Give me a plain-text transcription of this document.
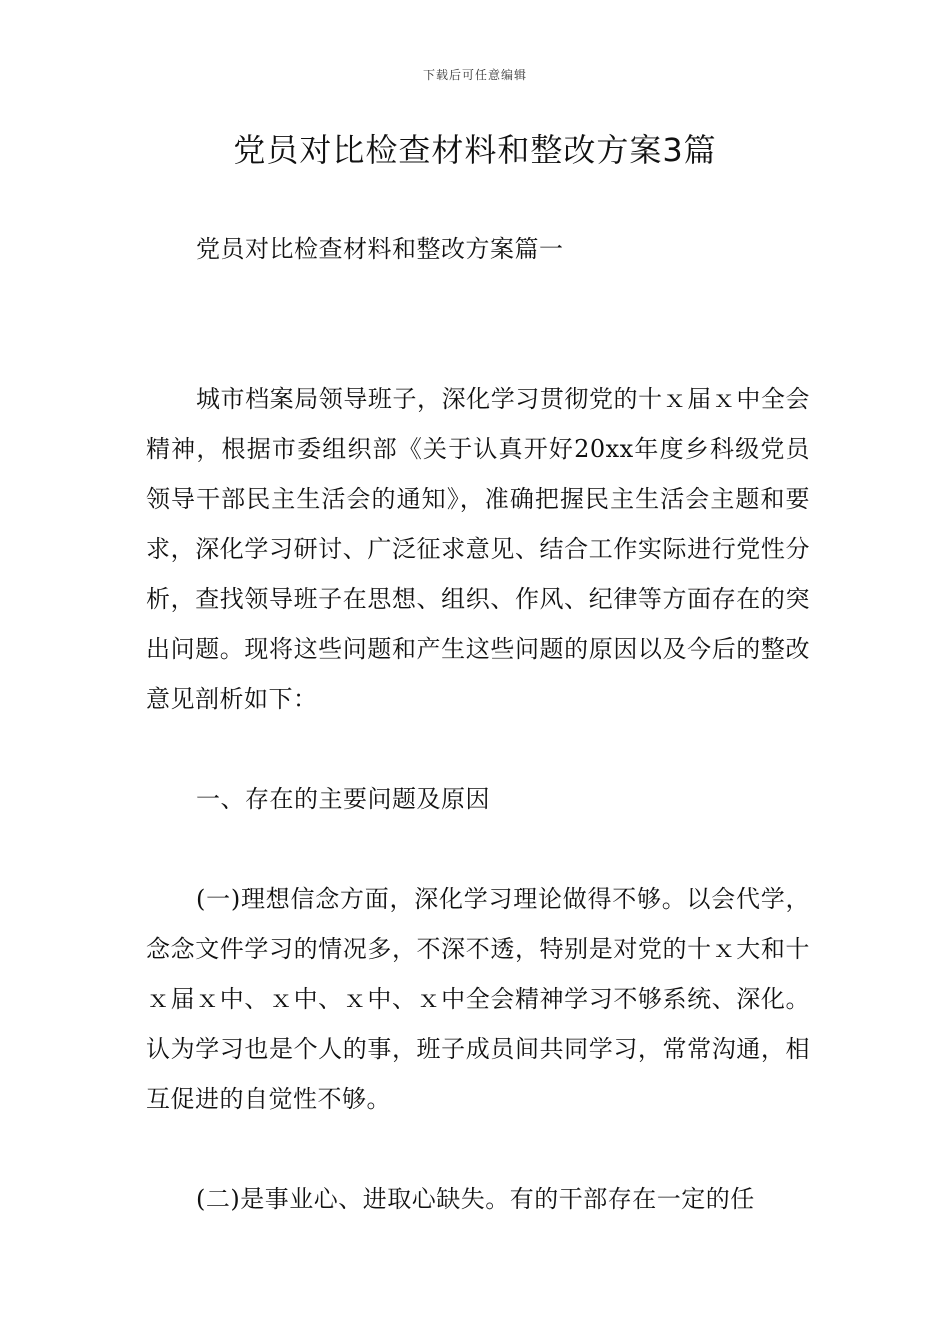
下载后可任意编辑
党员对比检查材料和整改方案3篇

党员对比检查材料和整改方案篇一

城市档案局领导班子，深化学习贯彻党的十ｘ届ｘ中全会精神，根据市委组织部《关于认真开好20xx年度乡科级党员领导干部民主生活会的通知》，准确把握民主生活会主题和要求，深化学习研讨、广泛征求意见、结合工作实际进行党性分析，查找领导班子在思想、组织、作风、纪律等方面存在的突出问题。现将这些问题和产生这些问题的原因以及今后的整改意见剖析如下：

一、存在的主要问题及原因

(一)理想信念方面，深化学习理论做得不够。以会代学，念念文件学习的情况多，不深不透，特别是对党的十ｘ大和十ｘ届ｘ中、ｘ中、ｘ中、ｘ中全会精神学习不够系统、深化。认为学习也是个人的事，班子成员间共同学习，常常沟通，相互促进的自觉性不够。

(二)是事业心、进取心缺失。有的干部存在一定的任
